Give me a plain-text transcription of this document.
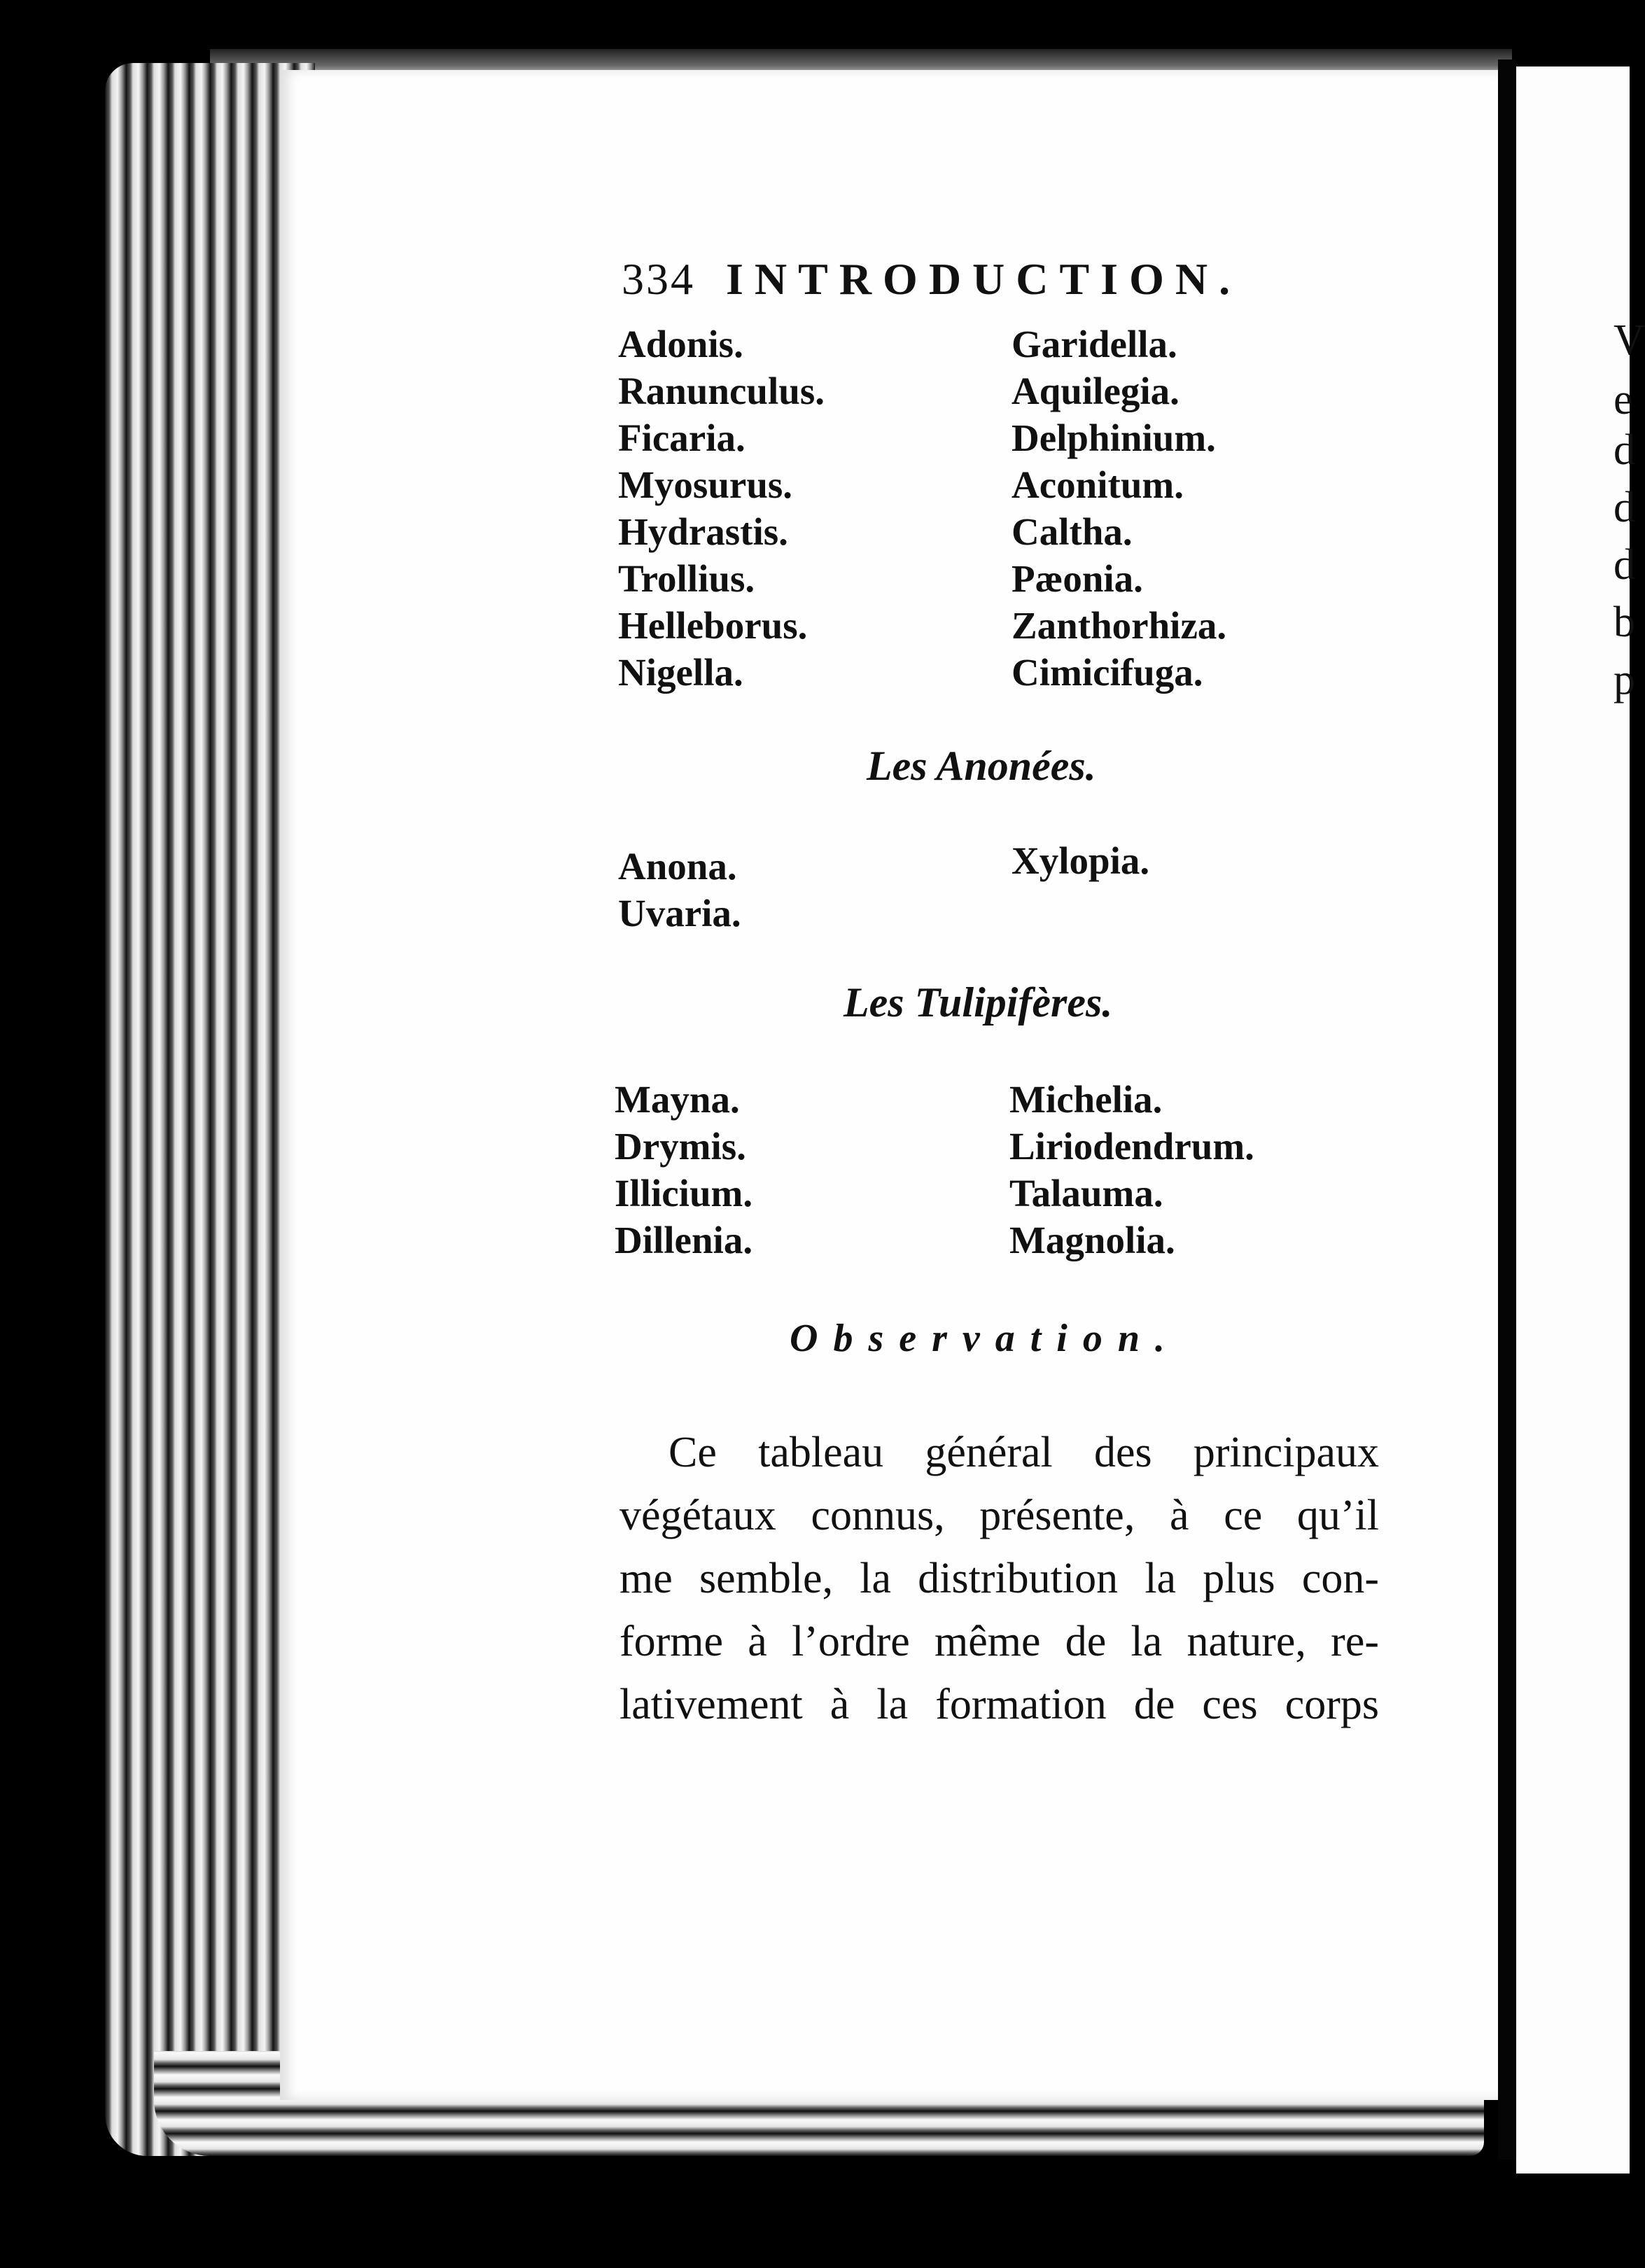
V
e
d
d
d
b
p
334 INTRODUCTION.
Adonis.
Ranunculus.
Ficaria.
Myosurus.
Hydrastis.
Trollius.
Helleborus.
Nigella.
Garidella.
Aquilegia.
Delphinium.
Aconitum.
Caltha.
Pæonia.
Zanthorhiza.
Cimicifuga.
Les Anonées.
Anona.
Uvaria.
Xylopia.
Les Tulipifères.
Mayna.
Drymis.
Illicium.
Dillenia.
Michelia.
Liriodendrum.
Talauma.
Magnolia.
Observation.
Ce tableau général des principaux
végétaux connus, présente, à ce qu’il
me semble, la distribution la plus con-
forme à l’ordre même de la nature, re-
lativement à la formation de ces corps
